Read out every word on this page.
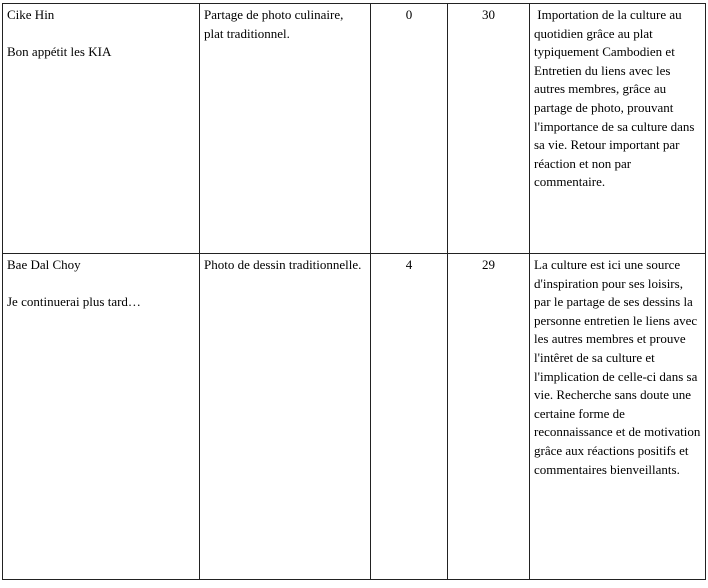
Cike Hin
Bon appétit les KIA	Partage de photo culinaire, plat traditionnel.	0	30	Importation de la culture au quotidien grâce au plat typiquement Cambodien et Entretien du liens avec les autres membres, grâce au partage de photo, prouvant l'importance de sa culture dans sa vie. Retour important par réaction et non par commentaire.

Bae Dal Choy
Je continuerai plus tard…	Photo de dessin traditionnelle.	4	29	La culture est ici une source d'inspiration pour ses loisirs, par le partage de ses dessins la personne entretien le liens avec les autres membres et prouve l'intêret de sa culture et l'implication de celle-ci dans sa vie. Recherche sans doute une certaine forme de reconnaissance et de motivation grâce aux réactions positifs et commentaires bienveillants.
